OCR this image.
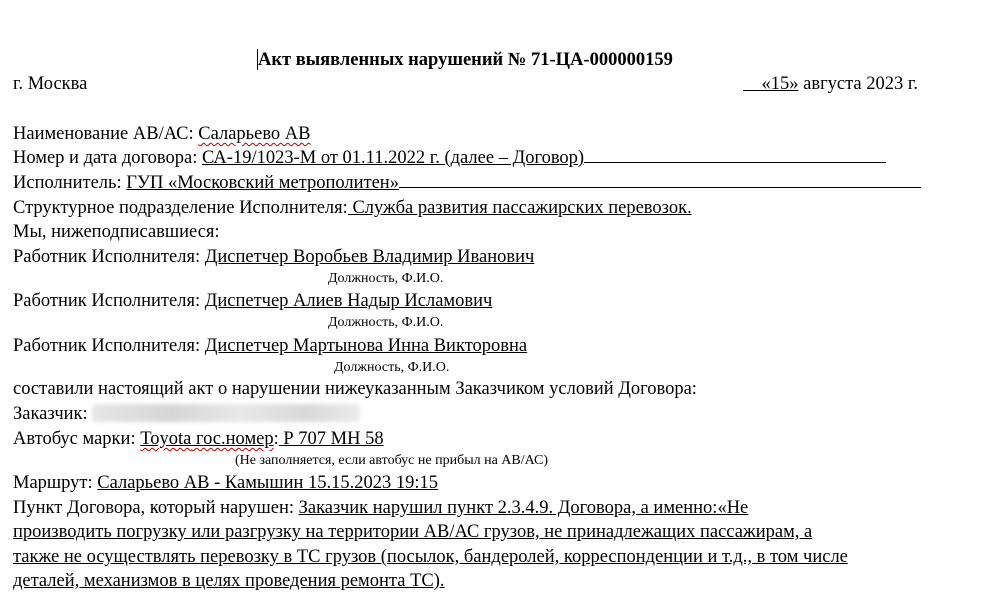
Акт выявленных нарушений № 71-ЦА-000000159
г. Москва	«15» августа 2023 г.
Наименование АВ/АС: Саларьево АВ
Номер и дата договора: СА-19/1023-М от 01.11.2022 г. (далее – Договор)
Исполнитель: ГУП «Московский метрополитен»
Структурное подразделение Исполнителя: Служба развития пассажирских перевозок.
Мы, нижеподписавшиеся:
Работник Исполнителя: Диспетчер Воробьев Владимир Иванович
Должность, Ф.И.О.
Работник Исполнителя: Диспетчер Алиев Надыр Исламович
Должность, Ф.И.О.
Работник Исполнителя: Диспетчер Мартынова Инна Викторовна
Должность, Ф.И.О.
составили настоящий акт о нарушении нижеуказанным Заказчиком условий Договора:
Заказчик:
Автобус марки: Toyota гос.номер: Р 707 МН 58
(Не заполняется, если автобус не прибыл на АВ/АС)
Маршрут: Саларьево АВ - Камышин 15.15.2023 19:15
Пункт Договора, который нарушен: Заказчик нарушил пункт 2.3.4.9. Договора, а именно:«Не
производить погрузку или разгрузку на территории АВ/АС грузов, не принадлежащих пассажирам, а
также не осуществлять перевозку в ТС грузов (посылок, бандеролей, корреспонденции и т.д., в том числе
деталей, механизмов в целях проведения ремонта ТС).
